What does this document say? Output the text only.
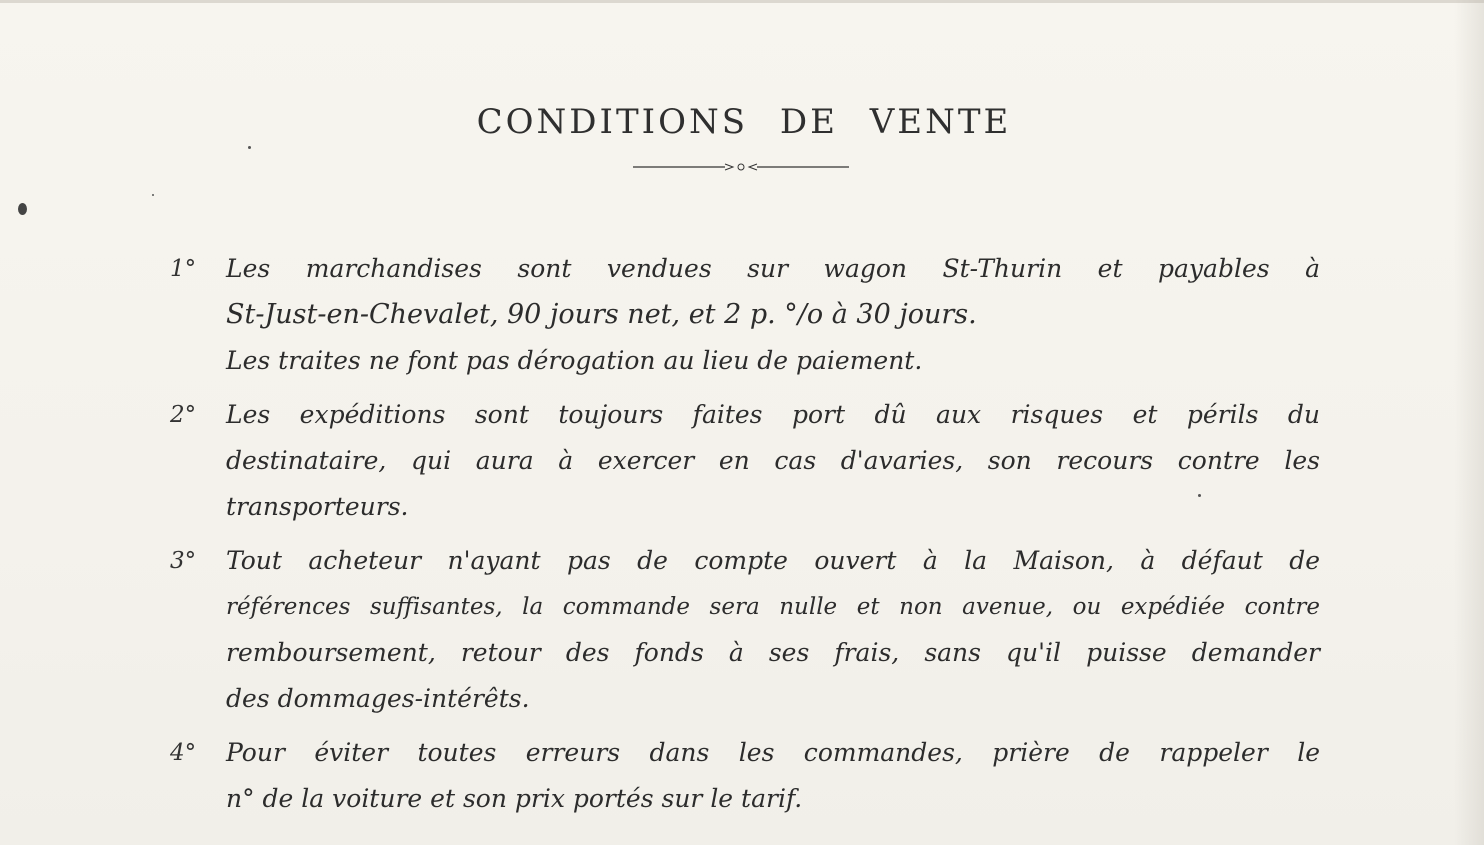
CONDITIONS DE VENTE
1°	Les marchandises sont vendues sur wagon St-Thurin et payables à
St-Just-en-Chevalet, 90 jours net, et 2 p. °/o à 30 jours.
Les traites ne font pas dérogation au lieu de paiement.
2°	Les expéditions sont toujours faites port dû aux risques et périls du
destinataire, qui aura à exercer en cas d'avaries, son recours contre les
transporteurs.
3°	Tout acheteur n'ayant pas de compte ouvert à la Maison, à défaut de
références suffisantes, la commande sera nulle et non avenue, ou expédiée contre
remboursement, retour des fonds à ses frais, sans qu'il puisse demander
des dommages-intérêts.
4°	Pour éviter toutes erreurs dans les commandes, prière de rappeler le
n° de la voiture et son prix portés sur le tarif.
